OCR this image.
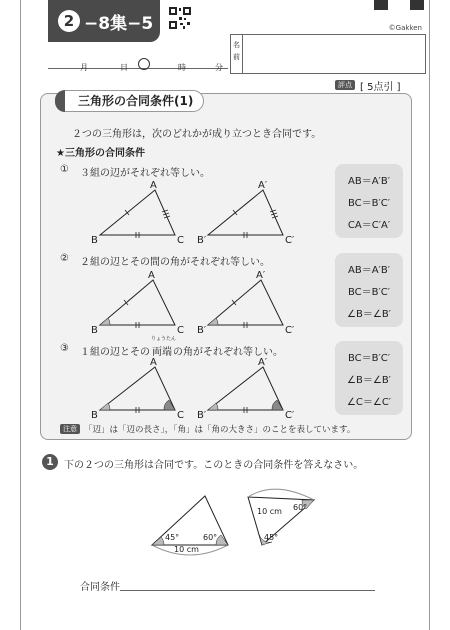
2 −8集−5	©Gakken
月	日	時	分
名前
評点 [ 5点引 ]
三角形の合同条件(1)
２つの三角形は，次のどれかが成り立つとき合同です。
★三角形の合同条件
① ３組の辺がそれぞれ等しい。
② ２組の辺とその間の角がそれぞれ等しい。
③ １組の辺とその 両端
りょうたん
の角がそれぞれ等しい。
AB＝A′B′
BC＝B′C′
CA＝C′A′
AB＝A′B′
BC＝B′C′
∠B＝∠B′
BC＝B′C′
∠B＝∠B′
∠C＝∠C′
A
B	C
A′
B′	C′
A
B	C
A′
B′	C′
A
B	C
A′
B′	C′
45°	60°
10 cm
10 cm 60°
45°
注意 「辺」は「辺の長さ」，「角」は「角の大きさ」のことを表しています。
1	下の２つの三角形は合同です。このときの合同条件を答えなさい。
合同条件
